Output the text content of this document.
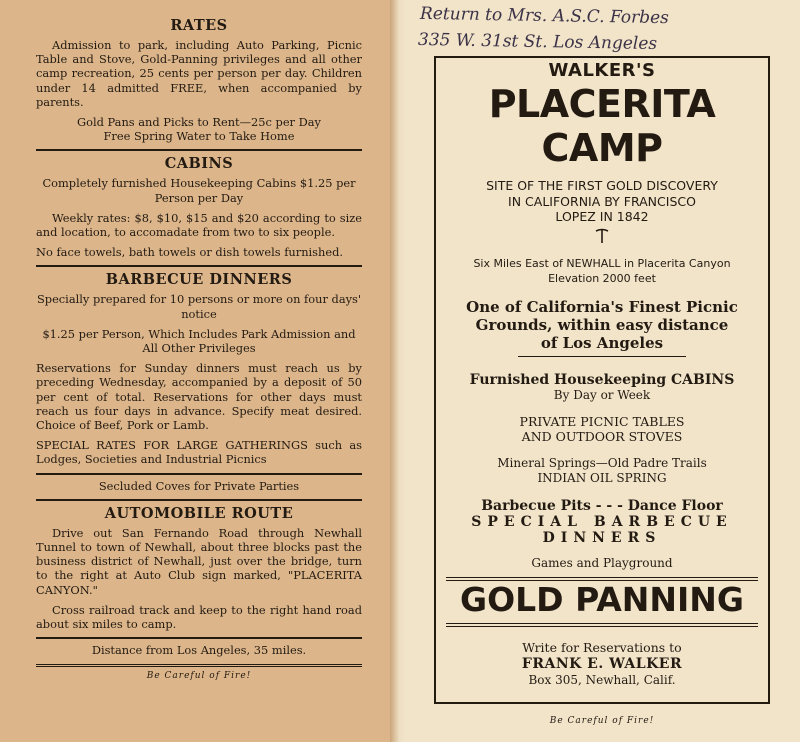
RATES

Admission to park, including Auto Parking, Picnic Table and Stove, Gold-Panning privileges and all other camp recreation, 25 cents per person per day. Children under 14 admitted FREE, when accompanied by parents.

Gold Pans and Picks to Rent—25c per Day

Free Spring Water to Take Home

CABINS

Completely furnished Housekeeping Cabins $1.25 per Person per Day

Weekly rates: $8, $10, $15 and $20 according to size and location, to accomadate from two to six people.

No face towels, bath towels or dish towels furnished.

BARBECUE DINNERS

Specially prepared for 10 persons or more on four days' notice

$1.25 per Person, Which Includes Park Admission and All Other Privileges

Reservations for Sunday dinners must reach us by preceding Wednesday, accompanied by a deposit of 50 per cent of total. Reservations for other days must reach us four days in advance. Specify meat desired. Choice of Beef, Pork or Lamb.

SPECIAL RATES FOR LARGE GATHERINGS such as Lodges, Societies and Industrial Picnics

Secluded Coves for Private Parties

AUTOMOBILE ROUTE

Drive out San Fernando Road through Newhall Tunnel to town of Newhall, about three blocks past the business district of Newhall, just over the bridge, turn to the right at Auto Club sign marked, "PLACERITA CANYON."

Cross railroad track and keep to the right hand road about six miles to camp.

Distance from Los Angeles, 35 miles.

Be Careful of Fire!
Return to Mrs. A.S.C. Forbes
335 W. 31st St. Los Angeles
WALKER'S
PLACERITA
CAMP
SITE OF THE FIRST GOLD DISCOVERY
IN CALIFORNIA BY FRANCISCO
LOPEZ IN 1842
Six Miles East of NEWHALL in Placerita Canyon
Elevation 2000 feet
One of California's Finest Picnic
Grounds, within easy distance
of Los Angeles
Furnished Housekeeping CABINS
By Day or Week
PRIVATE PICNIC TABLES
AND OUTDOOR STOVES
Mineral Springs—Old Padre Trails
INDIAN OIL SPRING
Barbecue Pits - - - Dance Floor
SPECIAL BARBECUE
DINNERS
Games and Playground
GOLD PANNING
Write for Reservations to
FRANK E. WALKER
Box 305, Newhall, Calif.
Be Careful of Fire!
